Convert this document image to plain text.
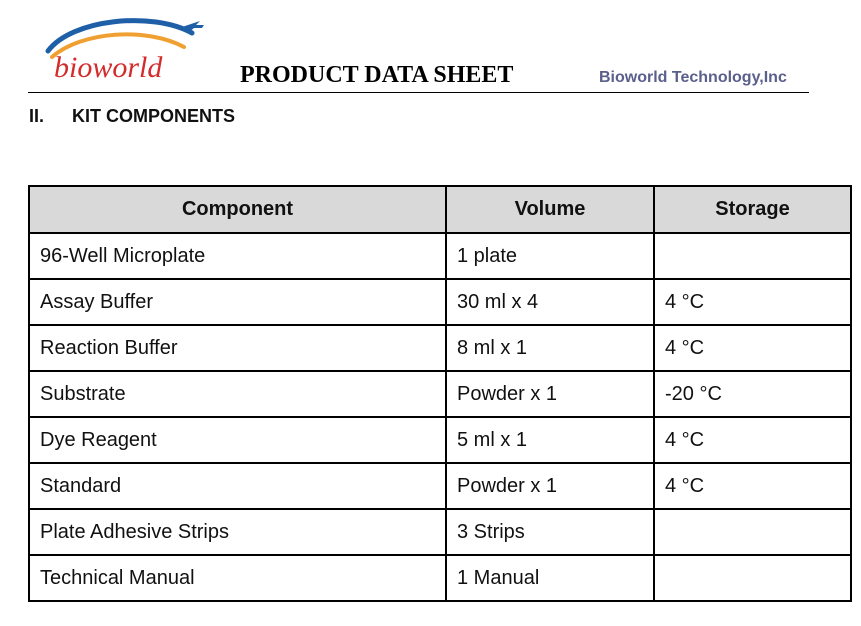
bioworld	PRODUCT DATA SHEET	Bioworld Technology,Inc
II. KIT COMPONENTS
Component	Volume	Storage
96-Well Microplate	1 plate	
Assay Buffer	30 ml x 4	4 °C
Reaction Buffer	8 ml x 1	4 °C
Substrate	Powder x 1	-20 °C
Dye Reagent	5 ml x 1	4 °C
Standard	Powder x 1	4 °C
Plate Adhesive Strips	3 Strips	
Technical Manual	1 Manual	
